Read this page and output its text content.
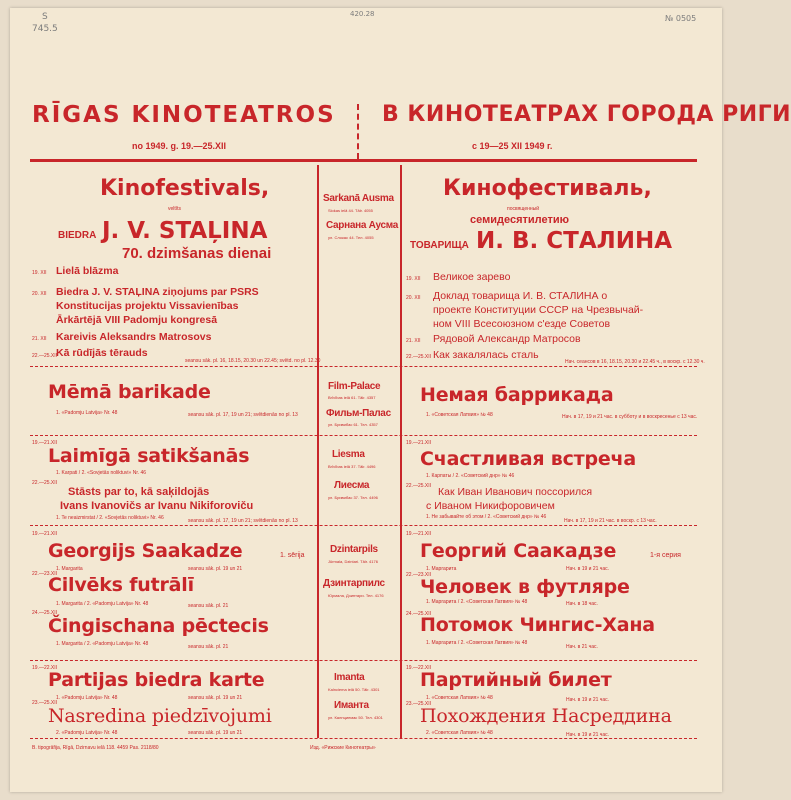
S
745.5
420.28	№ 0505
RĪGAS KINOTEATROS В КИНОТЕАТРАХ ГОРОДА РИГИ
no 1949. g. 19.—25.XII	с 19—25 XII 1949 г.
Kinofestivals,
veltīts
BIEDRA J. V. STAĻINA
70. dzimšanas dienai
19. XII Lielā blāzma
20. XII Biedra J. V. STAĻINA ziņojums par PSRS
Konstitucijas projektu Vissavienības
Ārkārtējā VIII Padomju kongresā
21. XII Kareivis Aleksandrs Matrosovs
22.—25.XII
Kā rūdījās tērauds
seansu sāk. pl. 16, 18.15, 20.30 un 22.45; svētd. no pl. 12.30
Sarkanā Ausma
Slokas ielā 44. Tālr. 4055
Сарнана Аусма
ул. Слокас 44. Тел. 4055
Кинофестиваль,
посвященный
семидесятилетию
ТОВАРИЩА И. В. СТАЛИНА
19. XII Великое зарево
20. XII Доклад товарища И. В. СТАЛИНА о
проекте Конституции СССР на Чрезвычай-
ном VIII Всесоюзном с'езде Советов
21. XII Рядовой Александр Матросов
22.—25.XII Как закалялась сталь
Нач. сеансов в 16, 18.15, 20.30 и 22.45 ч., в воскр. с 12.30 ч.
Mēmā barikade
1. «Padomju Latvija» Nr. 48	seansu sāk. pl. 17, 19 un 21; svētdienās no pl. 13
Film-Palace
Brīvības ielā 61. Tālr. 4357
Фильм-Палас
ул. Бривибас 61. Тел. 4357
Немая баррикада
1. «Советская Латвия» № 48	Нач. в 17, 19 и 21 час. в субботу и в воскресенье с 13 час.
19.—21.XII
Laimīgā satikšanās
1. Karpati / 2. «Sovjetās noliktuvi» Nr. 46
22.—25.XII
Stāsts par to, kā saķildojās
Ivans Ivanovičs ar Ivanu Nikiforoviču
1. Te neaizmirstat / 2. «Sovjetās noliktuvi» Nr. 46	seansu sāk. pl. 17, 19 un 21; svētdienās no pl. 13
Liesma
Brīvības ielā 37. Tālr. 4496
Лиесма
ул. Бривибас 37. Тел. 4496
19.—21.XII
Счастливая встреча
1. Карпаты / 2. «Советский днр» № 46
22.—25.XII Как Иван Иванович поссорился
с Иваном Никифоровичем
1. Не забывайте об этом / 2. «Советский днр» № 46
Нач. в 17, 19 и 21 час. в воскр. с 13 час.
19.—21.XII
Georgijs Saakadze	1. sērija
1. Margarita	seansu sāk. pl. 19 un 21
22.—23.XII
Cilvēks futrālī
1. Margarita / 2. «Padomju Latvija» Nr. 48	seansu sāk. pl. 21
24.—25.XII
Čingischana pēctecis
1. Margarita / 2. «Padomju Latvija» Nr. 48	seansu sāk. pl. 21
Dzintarpils
Jūrmala, Dzintari. Tālr. 4176
Дзинтарпилс
Юрмала, Дзинтари. Тел. 4176
19.—21.XII
Георгий Саакадзе	1-я серия
1. Маргарита	Нач. в 19 и 21 час.
22.—23.XII
Человек в футляре
1. Маргарита / 2. «Советская Латвия» № 48	Нач. в 18 час.
24.—25.XII
Потомок Чингис-Хана
1. Маргарита / 2. «Советская Латвия» № 48
Нач. в 21 час.
19.—22.XII
Partijas biedra karte
1. «Padomju Latvija» Nr. 48	seansu sāk. pl. 19 un 21
23.—25.XII
Nasredina piedzīvojumi
2. «Padomju Latvija» Nr. 48	seansu sāk. pl. 19 un 21
Imanta
Kalnciema ielā 50. Tālr. 4301
Иманта
ул. Калнциемас 50. Тел. 4301
19.—22.XII
Партийный билет
1. «Советская Латвия» № 48	Нач. в 19 и 21 час.
23.—25.XII
Похождения Насреддина
2. «Советская Латвия» № 48	Нач. в 19 и 21 час.
B. tipogrāfija, Rīgā, Dzirnavu ielā 118. 4459 Pas. 2118/80	Изд. «Рижские Кинотеатры»
